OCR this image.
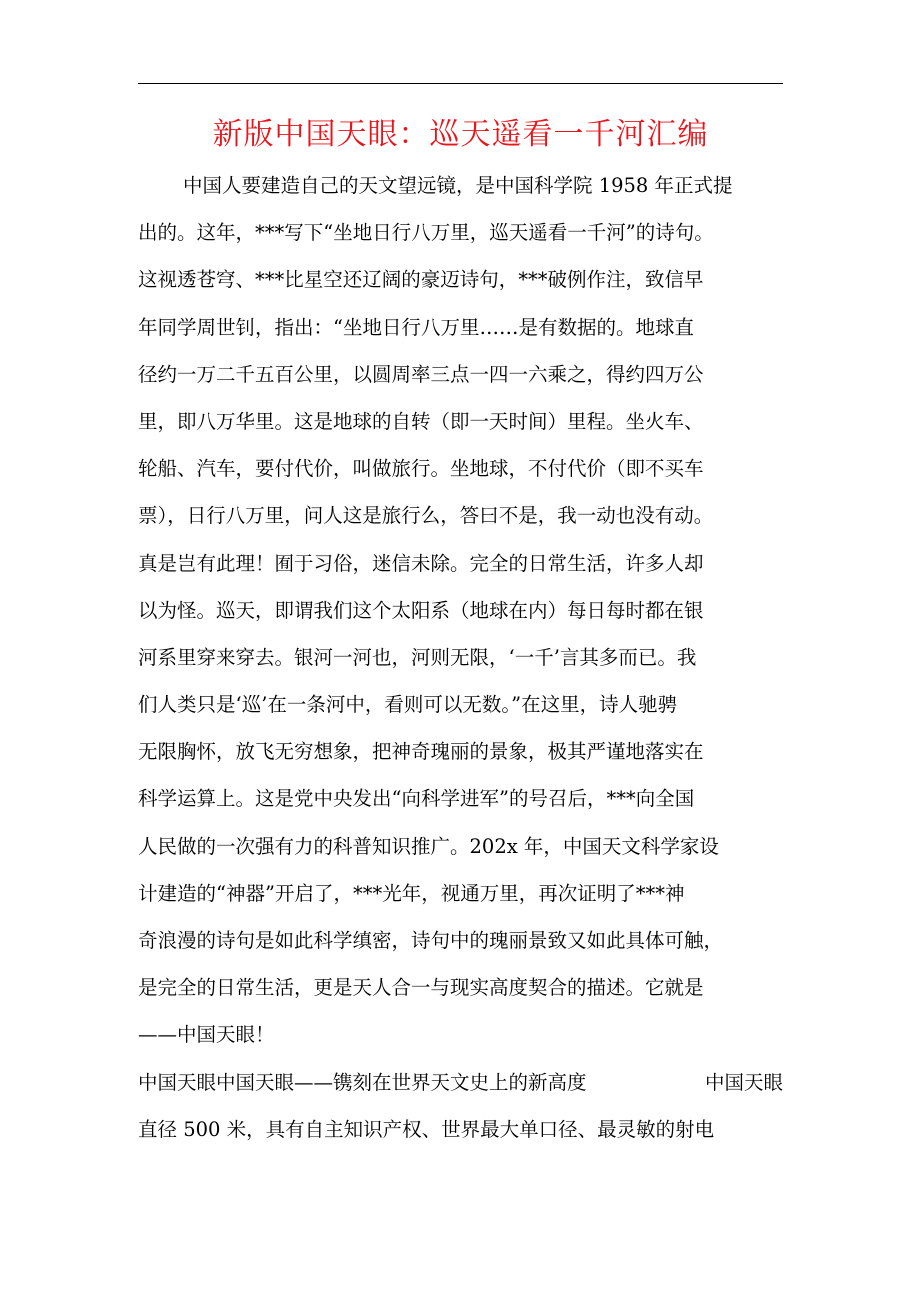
新版中国天眼：巡天遥看一千河汇编
中国人要建造自己的天文望远镜，是中国科学院 1958 年正式提
出的。这年，***写下“坐地日行八万里，巡天遥看一千河”的诗句。
这视透苍穹、***比星空还辽阔的豪迈诗句，***破例作注，致信早
年同学周世钊，指出：“坐地日行八万里……是有数据的。地球直
径约一万二千五百公里，以圆周率三点一四一六乘之，得约四万公
里，即八万华里。这是地球的自转（即一天时间）里程。坐火车、
轮船、汽车，要付代价，叫做旅行。坐地球，不付代价（即不买车
票），日行八万里，问人这是旅行么，答曰不是，我一动也没有动。
真是岂有此理！囿于习俗，迷信未除。完全的日常生活，许多人却
以为怪。巡天，即谓我们这个太阳系（地球在内）每日每时都在银
河系里穿来穿去。银河一河也，河则无限，‘一千’言其多而已。我
们人类只是‘巡’在一条河中，看则可以无数。”在这里，诗人驰骋
无限胸怀，放飞无穷想象，把神奇瑰丽的景象，极其严谨地落实在
科学运算上。这是党中央发出“向科学进军”的号召后，***向全国
人民做的一次强有力的科普知识推广。202x 年，中国天文科学家设
计建造的“神器”开启了，***光年，视通万里，再次证明了***神
奇浪漫的诗句是如此科学缜密，诗句中的瑰丽景致又如此具体可触，
是完全的日常生活，更是天人合一与现实高度契合的描述。它就是
——中国天眼！
中国天眼中国天眼——镌刻在世界天文史上的新高度	中国天眼
直径 500 米，具有自主知识产权、世界最大单口径、最灵敏的射电
